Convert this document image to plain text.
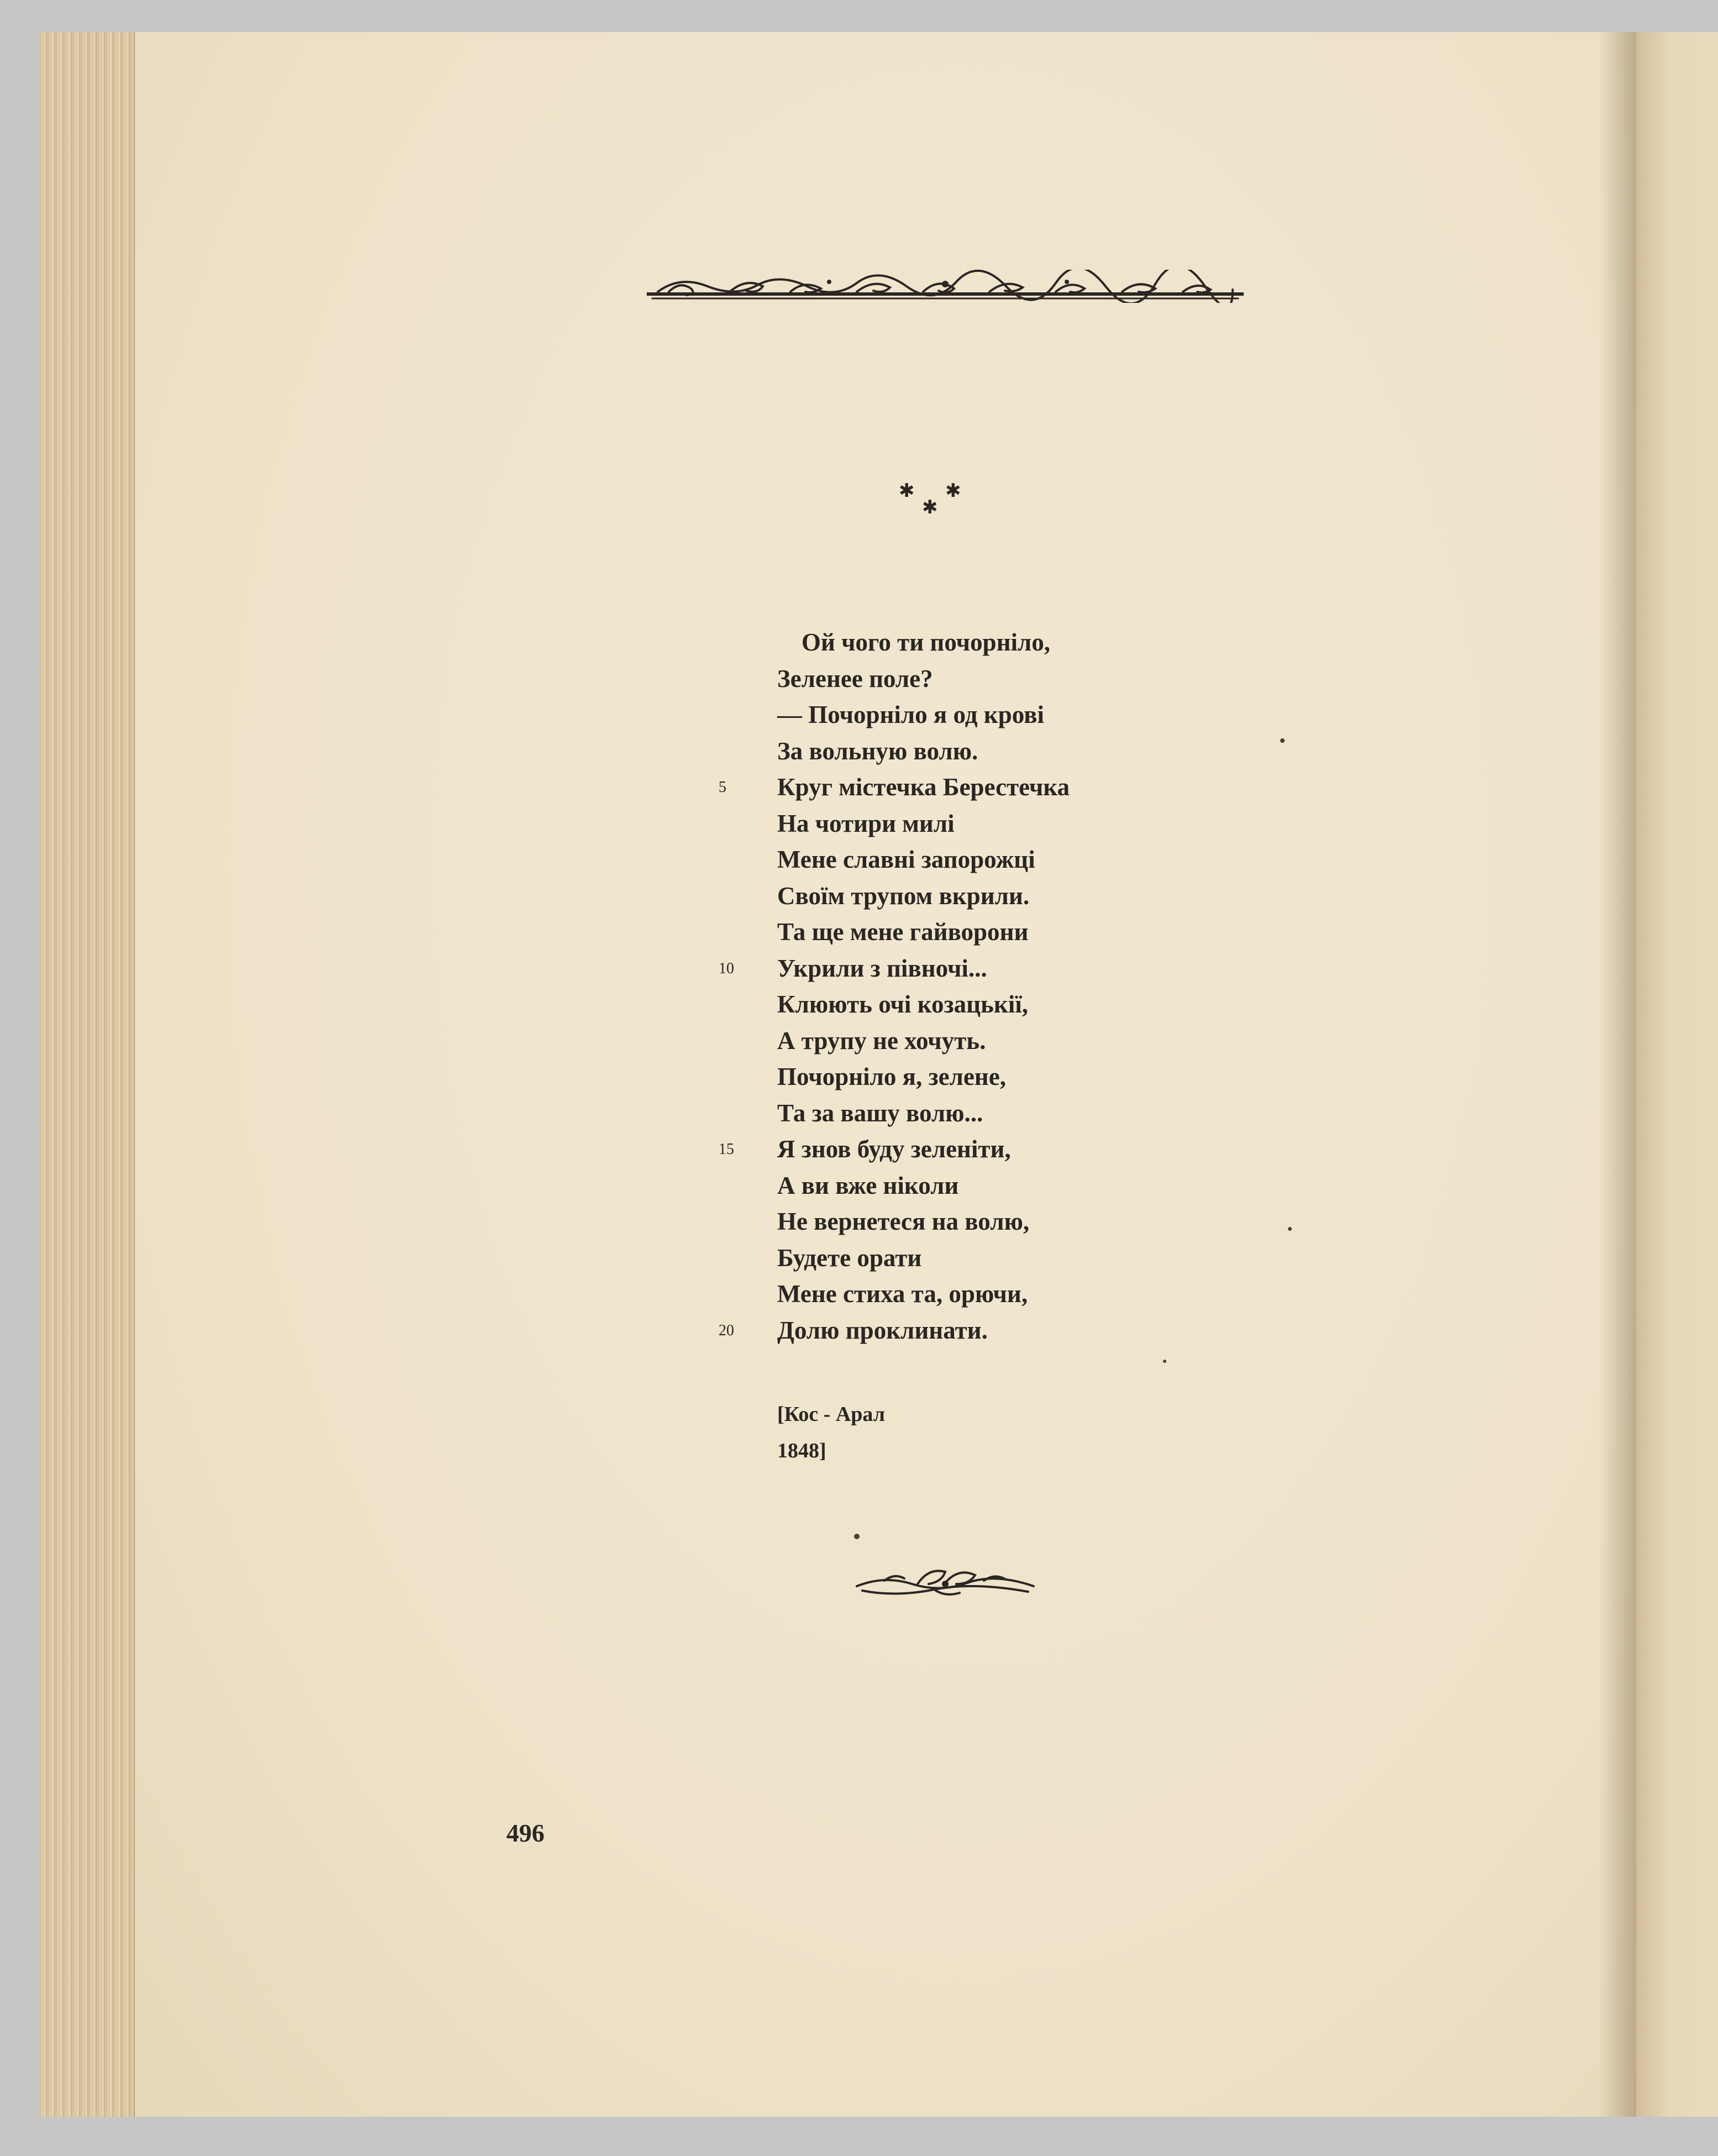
✱ ✱
✱
Ой чого ти почорніло,
Зеленее поле?
— Почорніло я од крові
За вольную волю.
5	Круг містечка Берестечка
На чотири милі
Мене славні запорожці
Своїм трупом вкрили.
Та ще мене гайворони
10	Укрили з півночі...
Клюють очі козацькії,
А трупу не хочуть.
Почорніло я, зелене,
Та за вашу волю...
15	Я знов буду зеленіти,
А ви вже ніколи
Не вернетеся на волю,
Будете орати
Мене стиха та, орючи,
20	Долю проклинати.
[Кос - Арал
1848]
496
